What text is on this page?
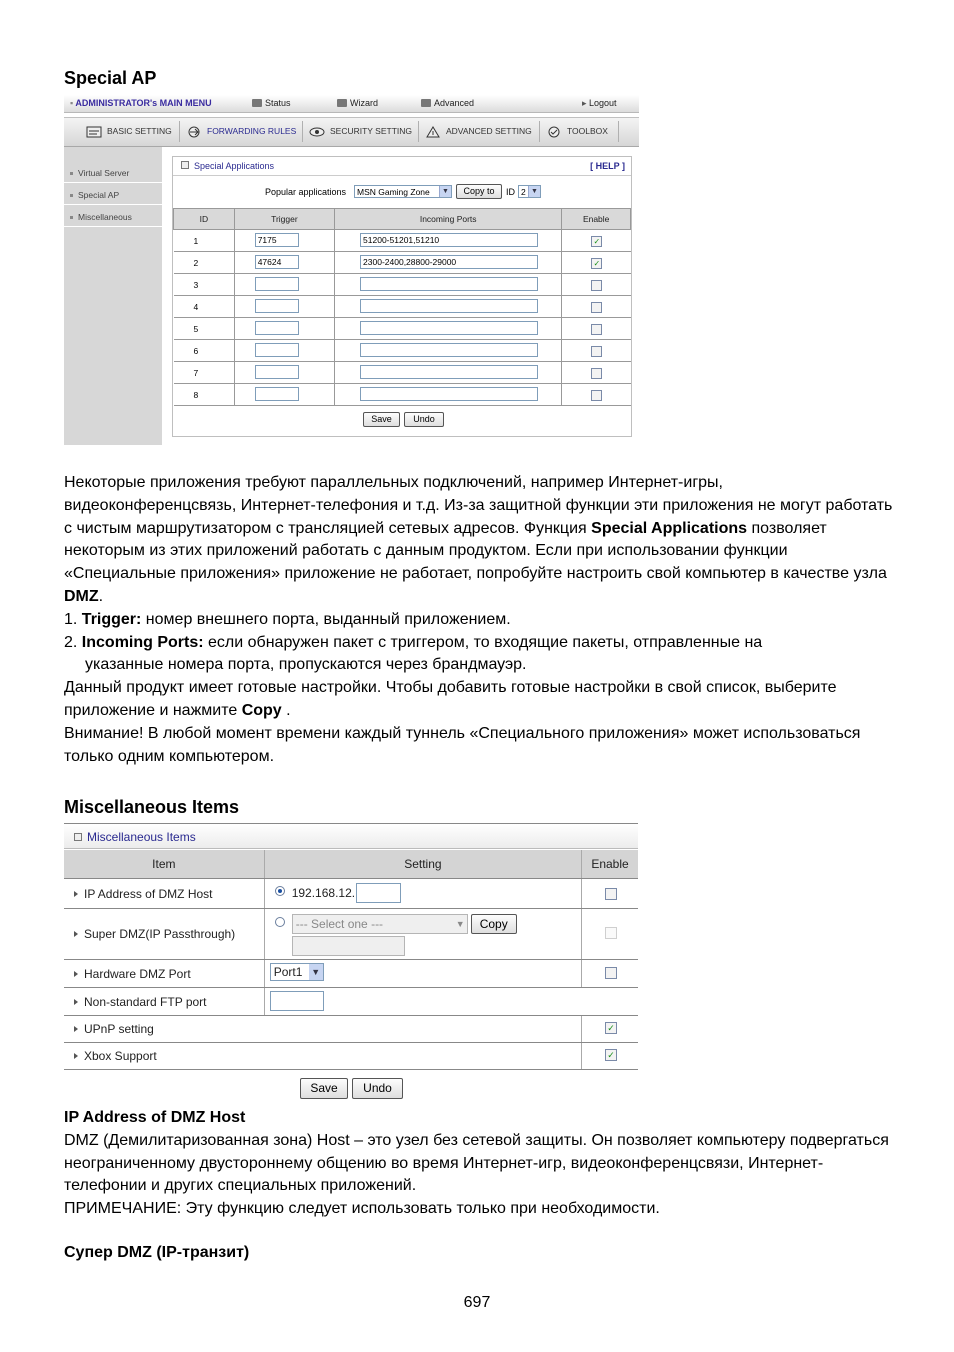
Special AP
▪ ADMINISTRATOR's MAIN MENU	Status	Wizard	Advanced	▸ Logout
BASIC SETTING	FORWARDING RULES	SECURITY SETTING	ADVANCED SETTING	TOOLBOX
Virtual Server
Special AP
Miscellaneous
Special Applications	[ HELP ]
Popular applications	MSN Gaming Zone	▼	Copy to	ID 2 ▼
ID	Trigger	Incoming Ports	Enable
1	7175	51200-51201,51210	✓

2	47624	2300-2400,28800-29000	✓

3	

4	

5	

6	

7	

8	

Save	Undo

Некоторые приложения требуют параллельных подключений, например Интернет-игры, видеоконференцсвязь, Интернет-телефония и т.д. Из-за защитной функции эти приложения не могут работать с чистым маршрутизатором с трансляцией сетевых адресов. Функция Special Applications позволяет некоторым из этих приложений работать с данным продуктом. Если при использовании функции «Специальные приложения» приложение не работает, попробуйте настроить свой компьютер в качестве узла DMZ.

1. Trigger: номер внешнего порта, выданный приложением.

2. Incoming Ports: если обнаружен пакет с триггером, то входящие пакеты, отправленные на

указанные номера порта, пропускаются через брандмауэр.

Данный продукт имеет готовые настройки. Чтобы добавить готовые настройки в свой список, выберите приложение и нажмите Copy .

Внимание! В любой момент времени каждый туннель «Специального приложения» может использоваться только одним компьютером.

Miscellaneous Items
Miscellaneous Items
Item	Setting	Enable
IP Address of DMZ Host	192.168.12.	

Super DMZ(IP Passthrough)	--- Select one --- ▼ Copy	

Hardware DMZ Port	Port1 ▼	

Non-standard FTP port		

UPnP setting		✓

Xbox Support		✓
Save	Undo

IP Address of DMZ Host

DMZ (Демилитаризованная зона) Host – это узел без сетевой защиты. Он позволяет компьютеру подвергаться неограниченному двустороннему общению во время Интернет-игр, видеоконференцсвязи, Интернет-телефонии и других специальных приложений.

ПРИМЕЧАНИЕ: Эту функцию следует использовать только при необходимости.

Супер DMZ (IP-транзит)
697
